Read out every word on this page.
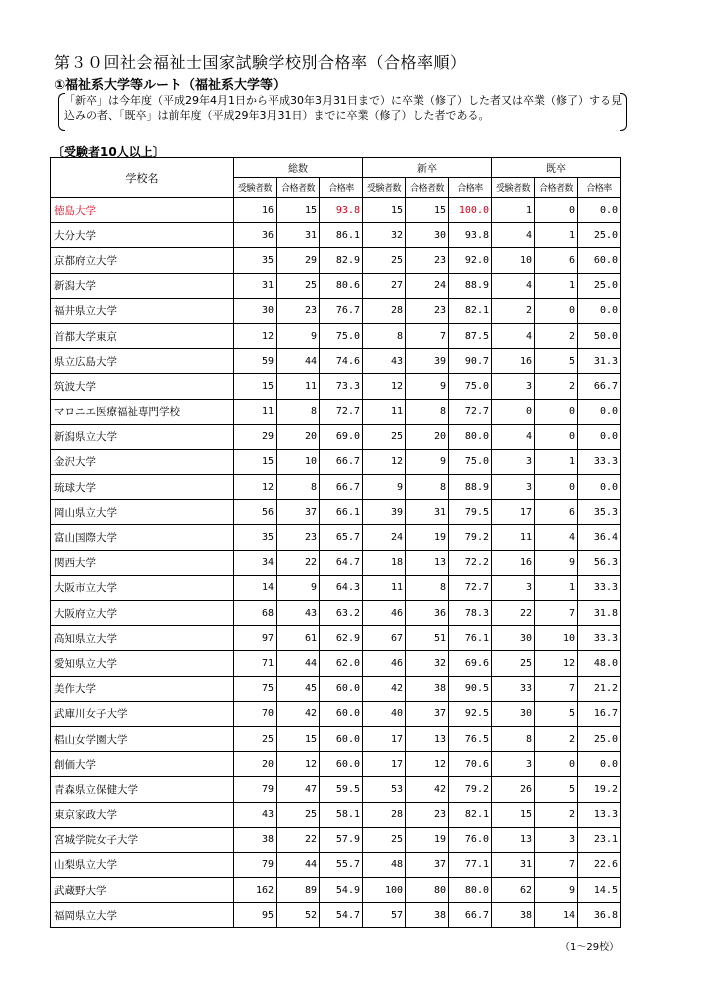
第３０回社会福祉士国家試験学校別合格率（合格率順）
①福祉系大学等ルート（福祉系大学等）
「新卒」は今年度（平成29年4月1日から平成30年3月31日まで）に卒業（修了）した者又は卒業（修了）する見込みの者、「既卒」は前年度（平成29年3月31日）までに卒業（修了）した者である。
〔受験者10人以上〕
学校名	総数			新卒			既卒		
	受験者数	合格者数	合格率	受験者数	合格者数	合格率	受験者数	合格者数	合格率
徳島大学	16	15	93.8	15	15	100.0	1	0	0.0
大分大学	36	31	86.1	32	30	93.8	4	1	25.0
京都府立大学	35	29	82.9	25	23	92.0	10	6	60.0
新潟大学	31	25	80.6	27	24	88.9	4	1	25.0
福井県立大学	30	23	76.7	28	23	82.1	2	0	0.0
首都大学東京	12	9	75.0	8	7	87.5	4	2	50.0
県立広島大学	59	44	74.6	43	39	90.7	16	5	31.3
筑波大学	15	11	73.3	12	9	75.0	3	2	66.7
マロニエ医療福祉専門学校	11	8	72.7	11	8	72.7	0	0	0.0
新潟県立大学	29	20	69.0	25	20	80.0	4	0	0.0
金沢大学	15	10	66.7	12	9	75.0	3	1	33.3
琉球大学	12	8	66.7	9	8	88.9	3	0	0.0
岡山県立大学	56	37	66.1	39	31	79.5	17	6	35.3
富山国際大学	35	23	65.7	24	19	79.2	11	4	36.4
関西大学	34	22	64.7	18	13	72.2	16	9	56.3
大阪市立大学	14	9	64.3	11	8	72.7	3	1	33.3
大阪府立大学	68	43	63.2	46	36	78.3	22	7	31.8
高知県立大学	97	61	62.9	67	51	76.1	30	10	33.3
愛知県立大学	71	44	62.0	46	32	69.6	25	12	48.0
美作大学	75	45	60.0	42	38	90.5	33	7	21.2
武庫川女子大学	70	42	60.0	40	37	92.5	30	5	16.7
椙山女学園大学	25	15	60.0	17	13	76.5	8	2	25.0
創価大学	20	12	60.0	17	12	70.6	3	0	0.0
青森県立保健大学	79	47	59.5	53	42	79.2	26	5	19.2
東京家政大学	43	25	58.1	28	23	82.1	15	2	13.3
宮城学院女子大学	38	22	57.9	25	19	76.0	13	3	23.1
山梨県立大学	79	44	55.7	48	37	77.1	31	7	22.6
武蔵野大学	162	89	54.9	100	80	80.0	62	9	14.5
福岡県立大学	95	52	54.7	57	38	66.7	38	14	36.8
（1～29校）
